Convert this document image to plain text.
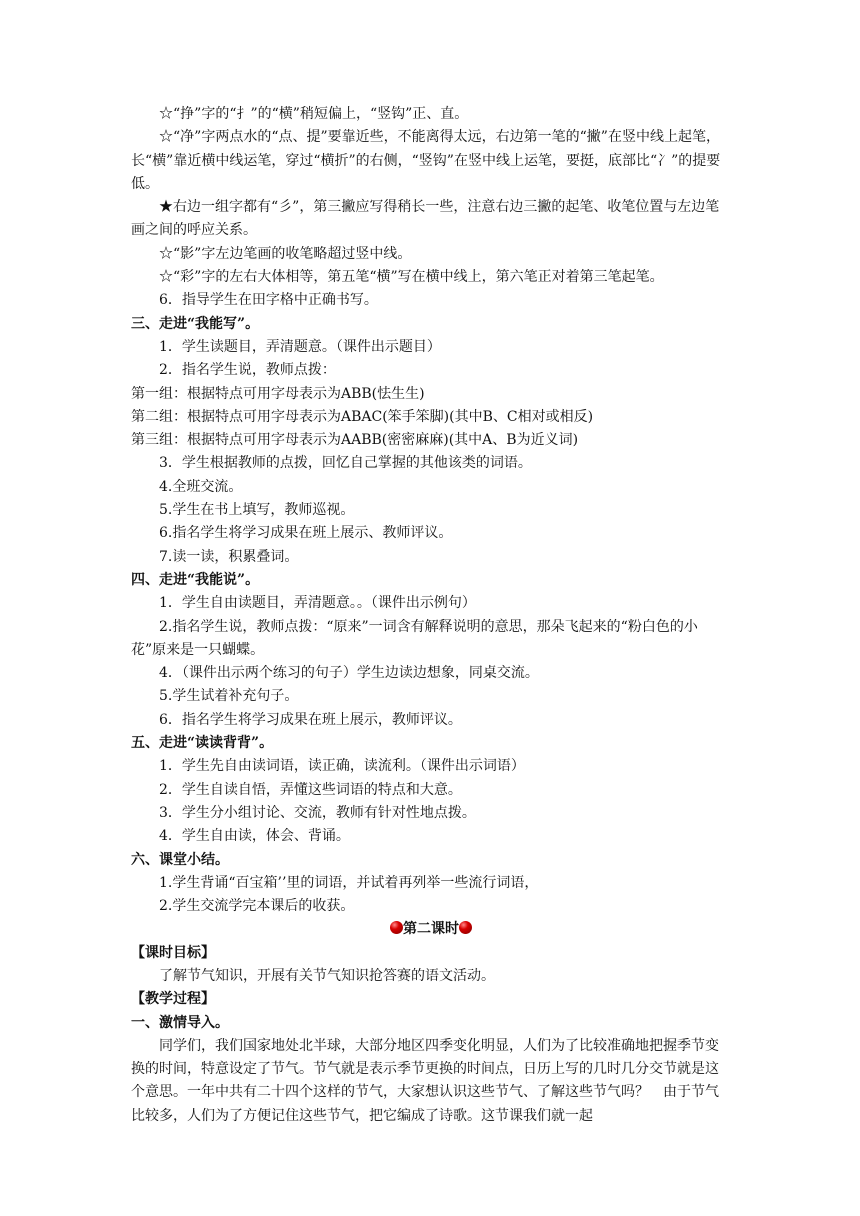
☆“挣”字的“扌”的“横”稍短偏上，“竖钩”正、直。

☆“净”字两点水的“点、提”要靠近些，不能离得太远，右边第一笔的“撇”在竖中线上起笔，长“横”靠近横中线运笔，穿过“横折”的右侧，“竖钩”在竖中线上运笔，要挺，底部比“冫”的提要低。

★右边一组字都有“彡”，第三撇应写得稍长一些，注意右边三撇的起笔、收笔位置与左边笔画之间的呼应关系。

☆“影”字左边笔画的收笔略超过竖中线。

☆“彩”字的左右大体相等，第五笔“横”写在横中线上，第六笔正对着第三笔起笔。

6．指导学生在田字格中正确书写。

三、走进“我能写”。

1．学生读题目，弄清题意。（课件出示题目）

2．指名学生说，教师点拨：

第一组：根据特点可用字母表示为ABB(怯生生)

第二组：根据特点可用字母表示为ABAC(笨手笨脚)(其中B、C相对或相反)

第三组：根据特点可用字母表示为AABB(密密麻麻)(其中A、B为近义词)

3．学生根据教师的点拨，回忆自己掌握的其他该类的词语。

4.全班交流。

5.学生在书上填写，教师巡视。

6.指名学生将学习成果在班上展示、教师评议。

7.读一读，积累叠词。

四、走进“我能说”。

1．学生自由读题目，弄清题意。。（课件出示例句）

2.指名学生说，教师点拨：“原来”一词含有解释说明的意思，那朵飞起来的“粉白色的小花”原来是一只蝴蝶。

4．（课件出示两个练习的句子）学生边读边想象，同桌交流。

5.学生试着补充句子。

6．指名学生将学习成果在班上展示，教师评议。

五、走进“读读背背”。

1．学生先自由读词语，读正确，读流利。（课件出示词语）

2．学生自读自悟，弄懂这些词语的特点和大意。

3．学生分小组讨论、交流，教师有针对性地点拨。

4．学生自由读，体会、背诵。

六、课堂小结。

1.学生背诵“百宝箱’’里的词语，并试着再列举一些流行词语，

2.学生交流学完本课后的收获。

第二课时

【课时目标】

了解节气知识，开展有关节气知识抢答赛的语文活动。

【教学过程】

一、激情导入。

同学们，我们国家地处北半球，大部分地区四季变化明显，人们为了比较准确地把握季节变换的时间，特意设定了节气。节气就是表示季节更换的时间点，日历上写的几时几分交节就是这个意思。一年中共有二十四个这样的节气，大家想认识这些节气、了解这些节气吗？　由于节气比较多，人们为了方便记住这些节气，把它编成了诗歌。这节课我们就一起
